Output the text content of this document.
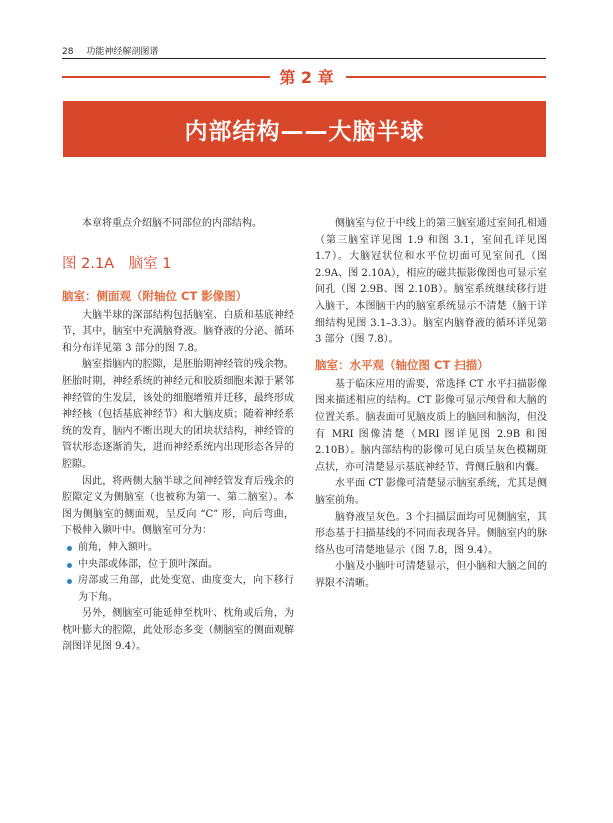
28 功能神经解剖图谱
第 2 章
内部结构——大脑半球

本章将重点介绍脑不同部位的内部结构。

图 2.1A　脑室 1
脑室：侧面观（附轴位 CT 影像图）

大脑半球的深部结构包括脑室、白质和基底神经节，其中，脑室中充满脑脊液。脑脊液的分泌、循环和分布详见第 3 部分的图 7.8。

脑室指脑内的腔隙，是胚胎期神经管的残余物。胚胎时期，神经系统的神经元和胶质细胞来源于紧邻神经管的生发层，该处的细胞增殖并迁移，最终形成神经核（包括基底神经节）和大脑皮质；随着神经系统的发育，脑内不断出现大的团块状结构，神经管的管状形态逐渐消失，进而神经系统内出现形态各异的腔隙。

因此，将两侧大脑半球之间神经管发育后残余的腔隙定义为侧脑室（也被称为第一、第二脑室）。本图为侧脑室的侧面观，呈反向 “C” 形，向后弯曲，下极伸入颞叶中。侧脑室可分为：

前角，伸入额叶。
中央部或体部，位于顶叶深面。
房部或三角部，此处变宽、曲度变大，向下移行为下角。

另外，侧脑室可能延伸至枕叶、枕角或后角，为枕叶膨大的腔隙，此处形态多变（侧脑室的侧面观解剖图详见图 9.4）。

侧脑室与位于中线上的第三脑室通过室间孔相通（第三脑室详见图 1.9 和图 3.1，室间孔详见图 1.7）。大脑冠状位和水平位切面可见室间孔（图 2.9A、图 2.10A），相应的磁共振影像图也可显示室间孔（图 2.9B、图 2.10B）。脑室系统继续移行进入脑干，本图脑干内的脑室系统显示不清楚（脑干详细结构见图 3.1–3.3）。脑室内脑脊液的循环详见第 3 部分（图 7.8）。

脑室：水平观（轴位图 CT 扫描）

基于临床应用的需要，常选择 CT 水平扫描影像图来描述相应的结构。CT 影像可显示颅骨和大脑的位置关系。脑表面可见脑皮质上的脑回和脑沟，但没有 MRI 图像清楚（MRI 图详见图 2.9B 和图 2.10B）。脑内部结构的影像可见白质呈灰色模糊斑点状，亦可清楚显示基底神经节、背侧丘脑和内囊。

水平面 CT 影像可清楚显示脑室系统，尤其是侧脑室前角。

脑脊液呈灰色。3 个扫描层面均可见侧脑室，其形态基于扫描基线的不同而表现各异。侧脑室内的脉络丛也可清楚地显示（图 7.8，图 9.4）。

小脑及小脑叶可清楚显示，但小脑和大脑之间的界限不清晰。
